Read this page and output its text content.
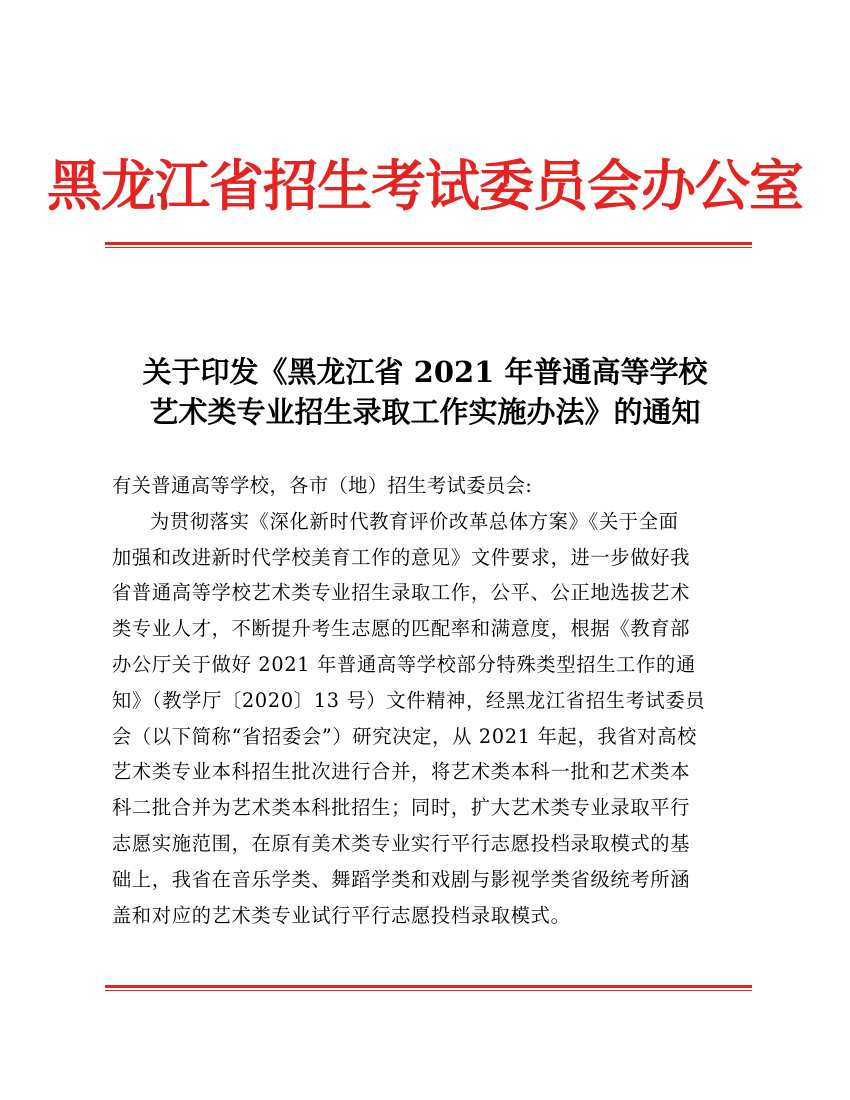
黑龙江省招生考试委员会办公室
关于印发《黑龙江省 2021 年普通高等学校
艺术类专业招生录取工作实施办法》的通知
有关普通高等学校，各市（地）招生考试委员会:
为贯彻落实《深化新时代教育评价改革总体方案》《关于全面
加强和改进新时代学校美育工作的意见》文件要求，进一步做好我
省普通高等学校艺术类专业招生录取工作，公平、公正地选拔艺术
类专业人才，不断提升考生志愿的匹配率和满意度，根据《教育部
办公厅关于做好 2021 年普通高等学校部分特殊类型招生工作的通
知》（教学厅〔2020〕13 号）文件精神，经黑龙江省招生考试委员
会（以下简称“省招委会”）研究决定，从 2021 年起，我省对高校
艺术类专业本科招生批次进行合并，将艺术类本科一批和艺术类本
科二批合并为艺术类本科批招生；同时，扩大艺术类专业录取平行
志愿实施范围，在原有美术类专业实行平行志愿投档录取模式的基
础上，我省在音乐学类、舞蹈学类和戏剧与影视学类省级统考所涵
盖和对应的艺术类专业试行平行志愿投档录取模式。
